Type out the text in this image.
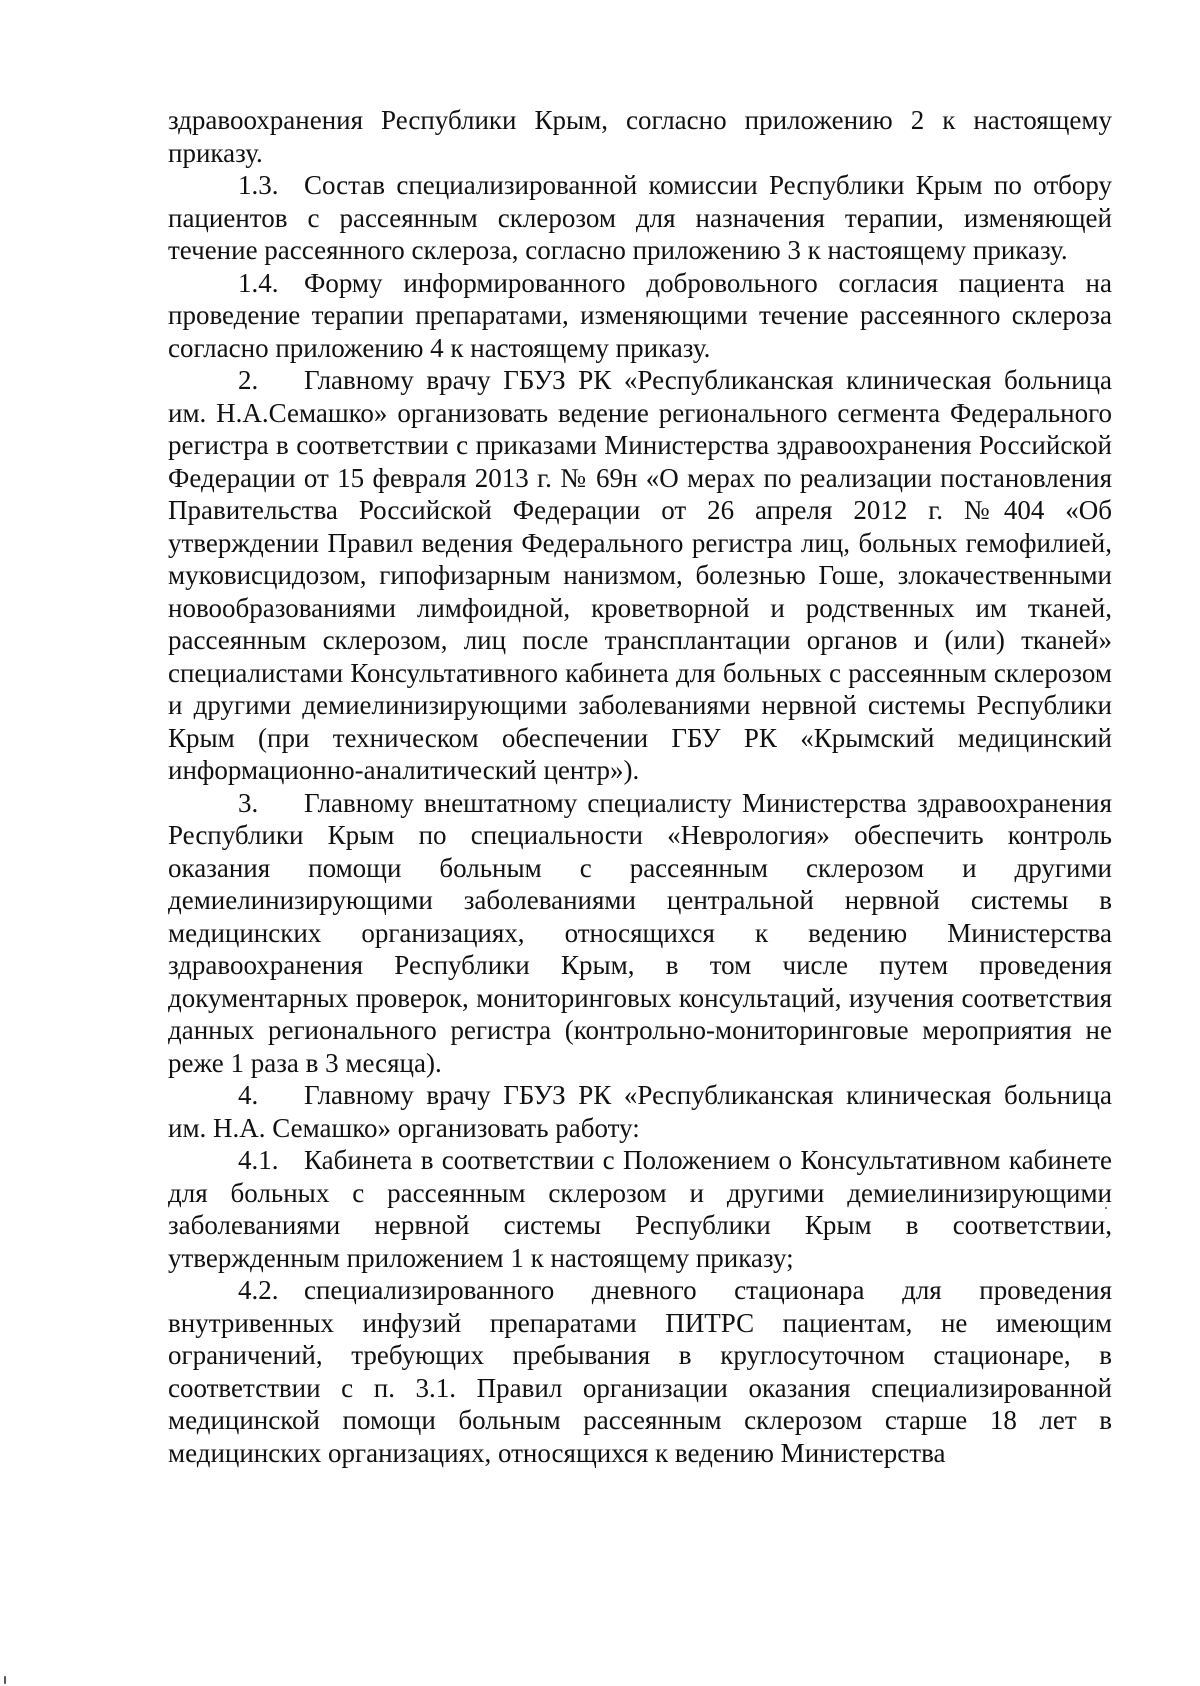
здравоохранения Республики Крым, согласно приложению 2 к настоящему приказу.

1.3. Состав специализированной комиссии Республики Крым по отбору пациентов с рассеянным склерозом для назначения терапии, изменяющей течение рассеянного склероза, согласно приложению 3 к настоящему приказу.

1.4. Форму информированного добровольного согласия пациента на проведение терапии препаратами, изменяющими течение рассеянного склероза согласно приложению 4 к настоящему приказу.

2. Главному врачу ГБУЗ РК «Республиканская клиническая больница им. Н.А.Семашко» организовать ведение регионального сегмента Федерального регистра в соответствии с приказами Министерства здравоохранения Российской Федерации от 15 февраля 2013 г. № 69н «О мерах по реализации постановления Правительства Российской Федерации от 26 апреля 2012 г. №404 «Об утверждении Правил ведения Федерального регистра лиц, больных гемофилией, муковисцидозом, гипофизарным нанизмом, болезнью Гоше, злокачественными новообразованиями лимфоидной, кроветворной и родственных им тканей, рассеянным склерозом, лиц после трансплантации органов и (или) тканей» специалистами Консультативного кабинета для больных с рассеянным склерозом и другими демиелинизирующими заболеваниями нервной системы Республики Крым (при техническом обеспечении ГБУ РК «Крымский медицинский информационно-аналитический центр»).

3. Главному внештатному специалисту Министерства здравоохранения Республики Крым по специальности «Неврология» обеспечить контроль оказания помощи больным с рассеянным склерозом и другими демиелинизирующими заболеваниями центральной нервной системы в медицинских организациях, относящихся к ведению Министерства здравоохранения Республики Крым, в том числе путем проведения документарных проверок, мониторинговых консультаций, изучения соответствия данных регионального регистра (контрольно-мониторинговые мероприятия не реже 1 раза в 3 месяца).

4. Главному врачу ГБУЗ РК «Республиканская клиническая больница им. Н.А. Семашко» организовать работу:

4.1. Кабинета в соответствии с Положением о Консультативном кабинете для больных с рассеянным склерозом и другими демиелинизирующими заболеваниями нервной системы Республики Крым в соответствии, утвержденным приложением 1 к настоящему приказу;

4.2. специализированного дневного стационара для проведения внутривенных инфузий препаратами ПИТРС пациентам, не имеющим ограничений, требующих пребывания в круглосуточном стационаре, в соответствии с п. 3.1. Правил организации оказания специализированной медицинской помощи больным рассеянным склерозом старше 18 лет в медицинских организациях, относящихся к ведению Министерства
